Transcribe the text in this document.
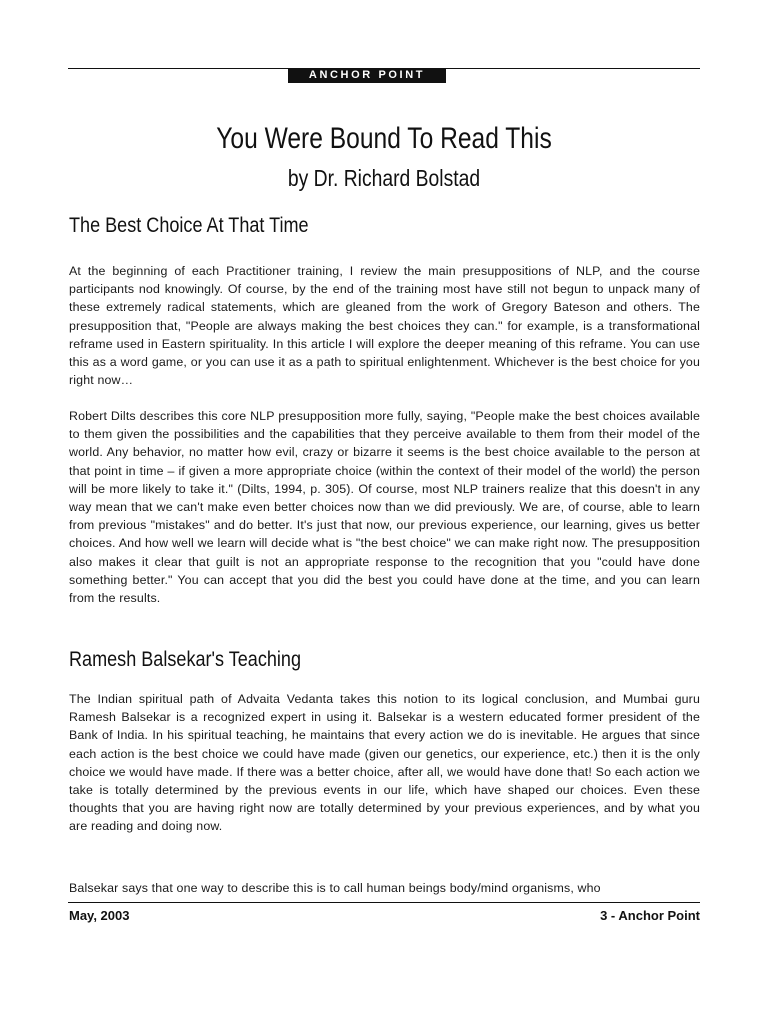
ANCHOR POINT
You Were Bound To Read This
by Dr. Richard Bolstad
The Best Choice At That Time

At the beginning of each Practitioner training, I review the main presuppositions of NLP, and the course participants nod knowingly. Of course, by the end of the training most have still not begun to unpack many of these extremely radical statements, which are gleaned from the work of Gregory Bateson and others. The presupposition that, "People are always making the best choices they can." for example, is a transformational reframe used in Eastern spirituality. In this article I will explore the deeper meaning of this reframe. You can use this as a word game, or you can use it as a path to spiritual enlightenment. Whichever is the best choice for you right now…

Robert Dilts describes this core NLP presupposition more fully, saying, "People make the best choices available to them given the possibilities and the capabilities that they perceive available to them from their model of the world. Any behavior, no matter how evil, crazy or bizarre it seems is the best choice available to the person at that point in time – if given a more appropriate choice (within the context of their model of the world) the person will be more likely to take it." (Dilts, 1994, p. 305). Of course, most NLP trainers realize that this doesn't in any way mean that we can't make even better choices now than we did previously. We are, of course, able to learn from previous "mistakes" and do better. It's just that now, our previous experience, our learning, gives us better choices. And how well we learn will decide what is "the best choice" we can make right now. The presupposition also makes it clear that guilt is not an appropriate response to the recognition that you "could have done something better." You can accept that you did the best you could have done at the time, and you can learn from the results.

Ramesh Balsekar's Teaching

The Indian spiritual path of Advaita Vedanta takes this notion to its logical conclusion, and Mumbai guru Ramesh Balsekar is a recognized expert in using it. Balsekar is a western educated former president of the Bank of India. In his spiritual teaching, he maintains that every action we do is inevitable. He argues that since each action is the best choice we could have made (given our genetics, our experience, etc.) then it is the only choice we would have made. If there was a better choice, after all, we would have done that! So each action we take is totally determined by the previous events in our life, which have shaped our choices. Even these thoughts that you are having right now are totally determined by your previous experiences, and by what you are reading and doing now.

Balsekar says that one way to describe this is to call human beings body/mind organisms, who

May, 2003	3 - Anchor Point
